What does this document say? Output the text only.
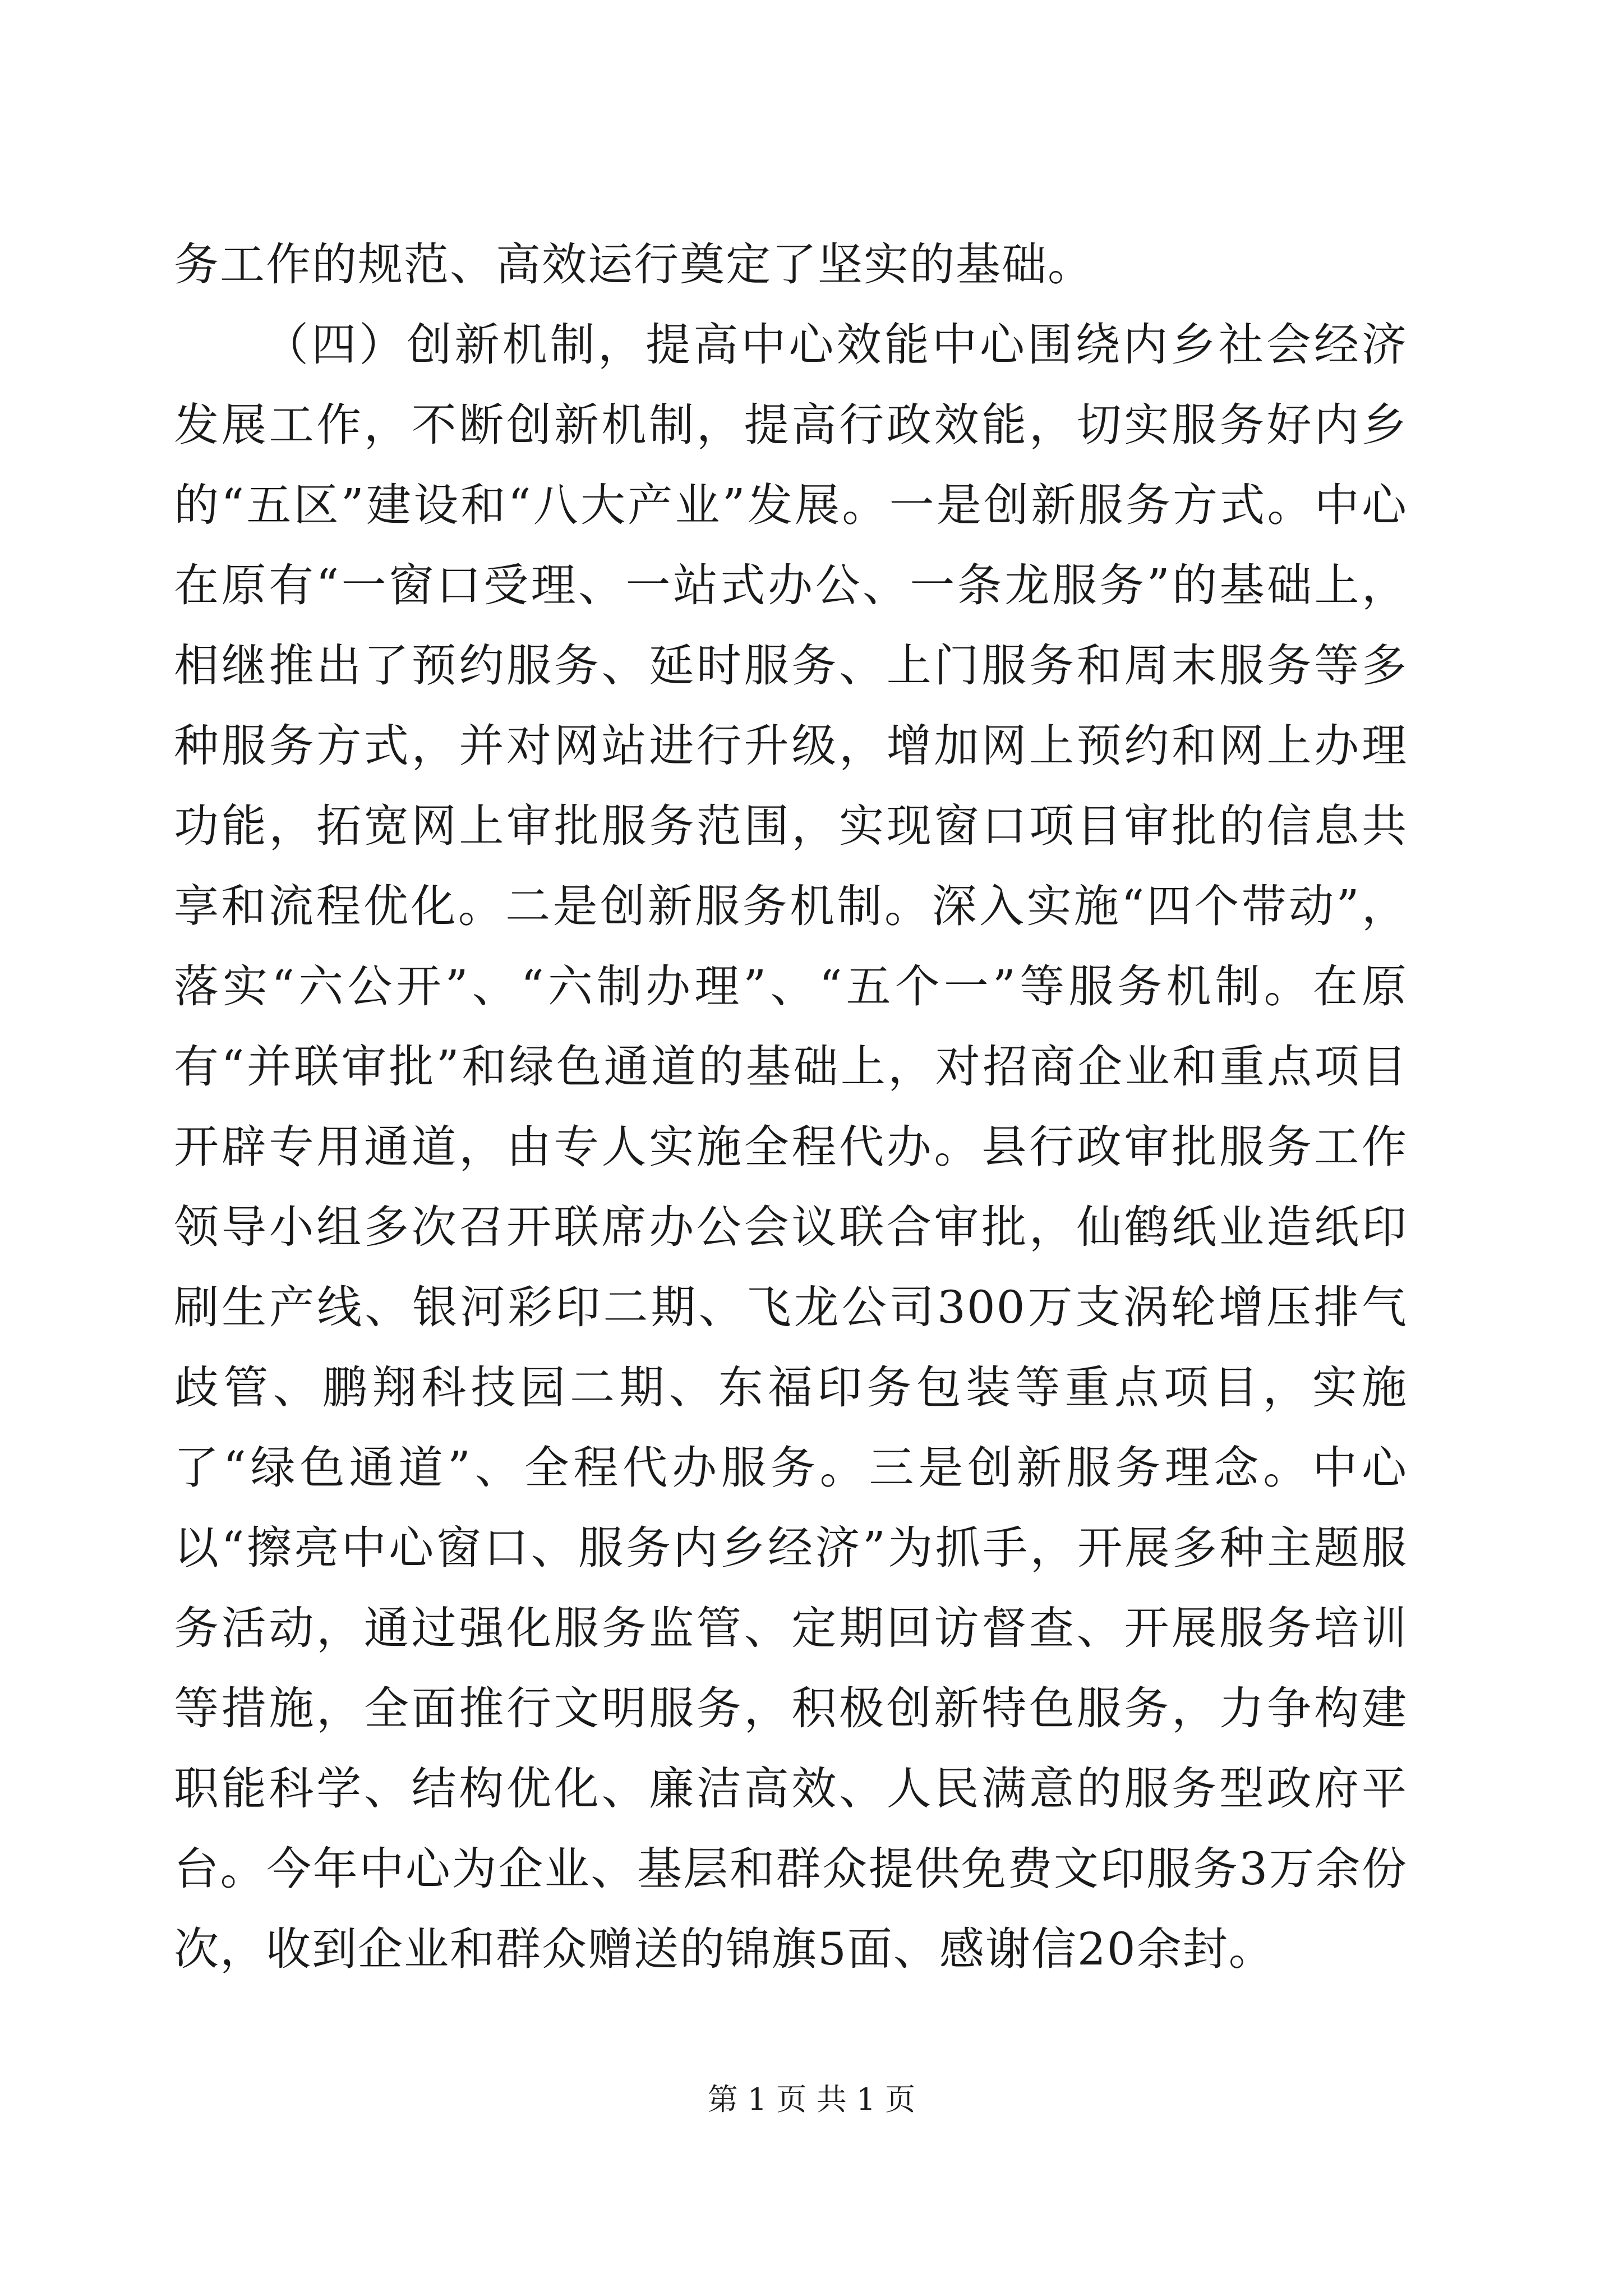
务工作的规范、高效运行奠定了坚实的基础。

（四）创新机制，提高中心效能中心围绕内乡社会经济发展工作，不断创新机制，提高行政效能，切实服务好内乡的“五区”建设和“八大产业”发展。一是创新服务方式。中心在原有“一窗口受理、一站式办公、一条龙服务”的基础上，相继推出了预约服务、延时服务、上门服务和周末服务等多种服务方式，并对网站进行升级，增加网上预约和网上办理功能，拓宽网上审批服务范围，实现窗口项目审批的信息共享和流程优化。二是创新服务机制。深入实施“四个带动”，落实“六公开”、“六制办理”、“五个一”等服务机制。在原有“并联审批”和绿色通道的基础上，对招商企业和重点项目开辟专用通道，由专人实施全程代办。县行政审批服务工作领导小组多次召开联席办公会议联合审批，仙鹤纸业造纸印刷生产线、银河彩印二期、飞龙公司300万支涡轮增压排气歧管、鹏翔科技园二期、东福印务包装等重点项目，实施了“绿色通道”、全程代办服务。三是创新服务理念。中心以“擦亮中心窗口、服务内乡经济”为抓手，开展多种主题服务活动，通过强化服务监管、定期回访督查、开展服务培训等措施，全面推行文明服务，积极创新特色服务，力争构建职能科学、结构优化、廉洁高效、人民满意的服务型政府平台。今年中心为企业、基层和群众提供免费文印服务3万余份次，收到企业和群众赠送的锦旗5面、感谢信20余封。

第 1 页 共 1 页
